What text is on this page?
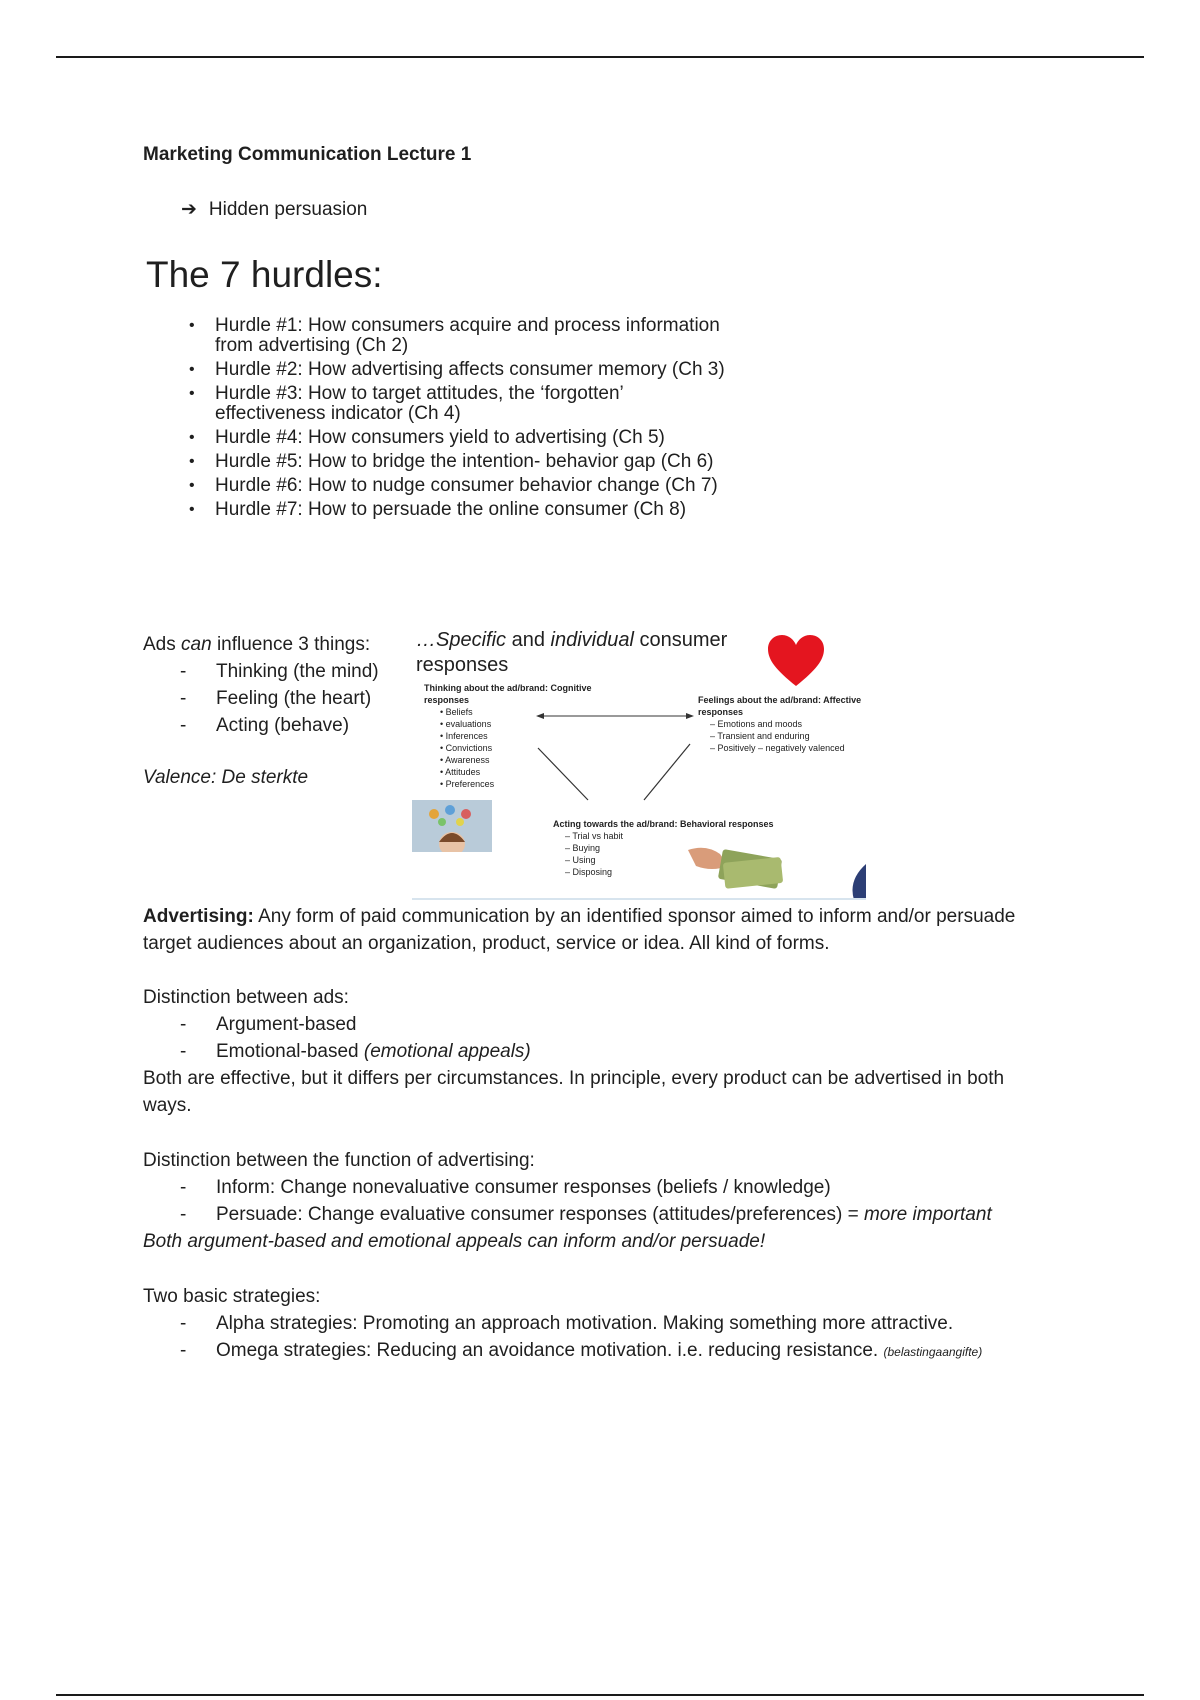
Marketing Communication Lecture 1
➔ Hidden persuasion
The 7 hurdles:
• Hurdle #1: How consumers acquire and process information from advertising (Ch 2)
• Hurdle #2: How advertising affects consumer memory (Ch 3)
• Hurdle #3: How to target attitudes, the ‘forgotten’ effectiveness indicator (Ch 4)
• Hurdle #4: How consumers yield to advertising (Ch 5)
• Hurdle #5: How to bridge the intention- behavior gap (Ch 6)
• Hurdle #6: How to nudge consumer behavior change (Ch 7)
• Hurdle #7: How to persuade the online consumer (Ch 8)
Ads can influence 3 things:
- Thinking (the mind)
- Feeling (the heart)
- Acting (behave)
Valence: De sterkte
…Specific and individual consumer responses
Thinking about the ad/brand: Cognitive responses
• Beliefs
• evaluations
• Inferences
• Convictions
• Awareness
• Attitudes
• Preferences
Feelings about the ad/brand: Affective responses
– Emotions and moods
– Transient and enduring
– Positively – negatively valenced
Acting towards the ad/brand: Behavioral responses
– Trial vs habit
– Buying
– Using
– Disposing
Advertising: Any form of paid communication by an identified sponsor aimed to inform and/or persuade target audiences about an organization, product, service or idea. All kind of forms.
Distinction between ads:
- Argument-based
- Emotional-based (emotional appeals)
Both are effective, but it differs per circumstances. In principle, every product can be advertised in both ways.
Distinction between the function of advertising:
- Inform: Change nonevaluative consumer responses (beliefs / knowledge)
- Persuade: Change evaluative consumer responses (attitudes/preferences) = more important
Both argument-based and emotional appeals can inform and/or persuade!
Two basic strategies:
- Alpha strategies: Promoting an approach motivation. Making something more attractive.
- Omega strategies: Reducing an avoidance motivation. i.e. reducing resistance. (belastingaangifte)
